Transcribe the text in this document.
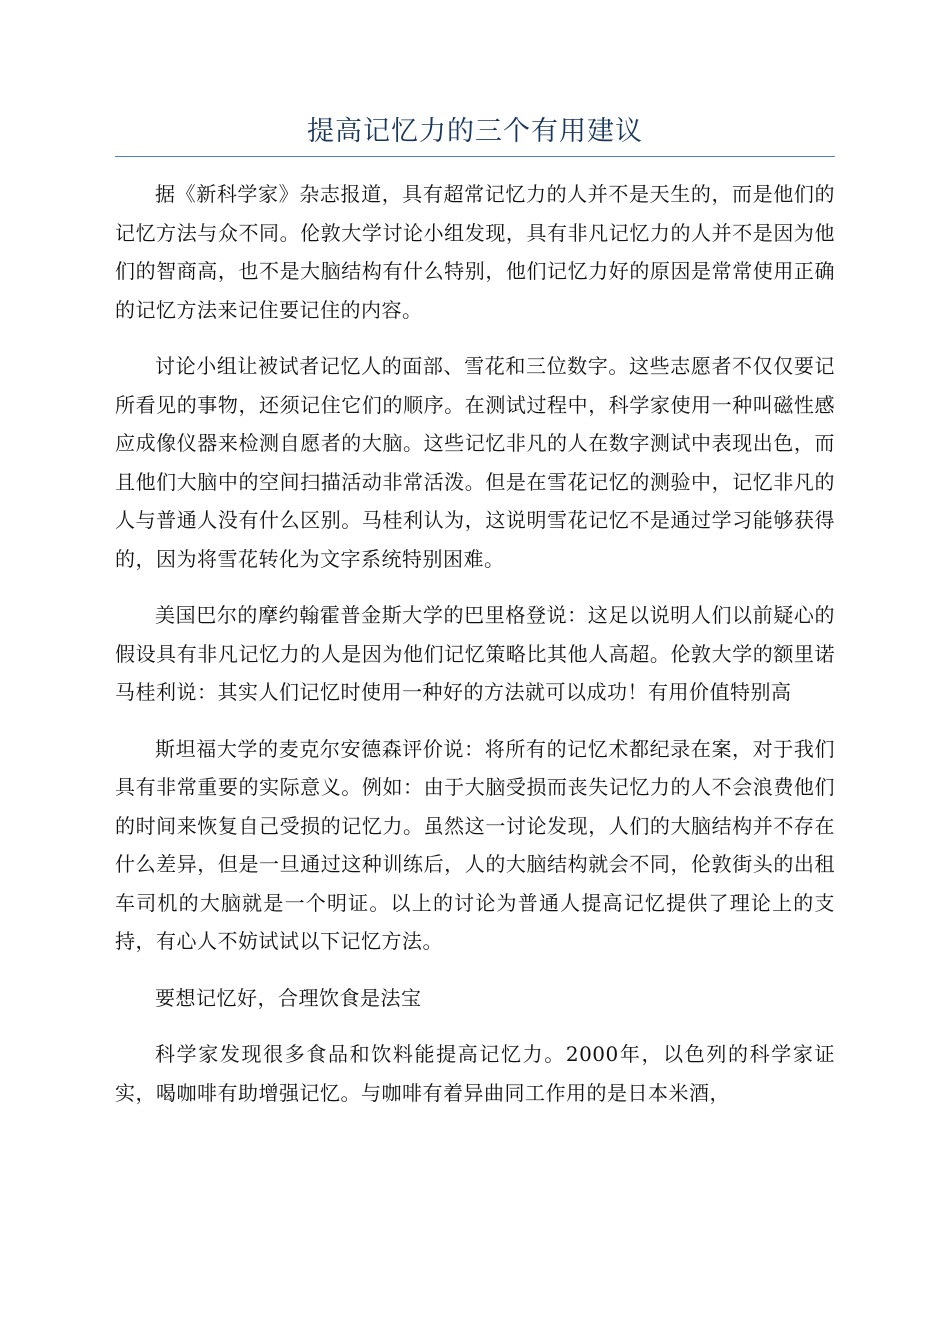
提高记忆力的三个有用建议

据《新科学家》杂志报道，具有超常记忆力的人并不是天生的，而是他们的记忆方法与众不同。伦敦大学讨论小组发现，具有非凡记忆力的人并不是因为他们的智商高，也不是大脑结构有什么特别，他们记忆力好的原因是常常使用正确的记忆方法来记住要记住的内容。

讨论小组让被试者记忆人的面部、雪花和三位数字。这些志愿者不仅仅要记所看见的事物，还须记住它们的顺序。在测试过程中，科学家使用一种叫磁性感应成像仪器来检测自愿者的大脑。这些记忆非凡的人在数字测试中表现出色，而且他们大脑中的空间扫描活动非常活泼。但是在雪花记忆的测验中，记忆非凡的人与普通人没有什么区别。马桂利认为，这说明雪花记忆不是通过学习能够获得的，因为将雪花转化为文字系统特别困难。

美国巴尔的摩约翰霍普金斯大学的巴里格登说：这足以说明人们以前疑心的假设具有非凡记忆力的人是因为他们记忆策略比其他人高超。伦敦大学的额里诺马桂利说：其实人们记忆时使用一种好的方法就可以成功！有用价值特别高

斯坦福大学的麦克尔安德森评价说：将所有的记忆术都纪录在案，对于我们具有非常重要的实际意义。例如：由于大脑受损而丧失记忆力的人不会浪费他们的时间来恢复自己受损的记忆力。虽然这一讨论发现，人们的大脑结构并不存在什么差异，但是一旦通过这种训练后，人的大脑结构就会不同，伦敦街头的出租车司机的大脑就是一个明证。以上的讨论为普通人提高记忆提供了理论上的支持，有心人不妨试试以下记忆方法。

要想记忆好，合理饮食是法宝

科学家发现很多食品和饮料能提高记忆力。2000年，以色列的科学家证实，喝咖啡有助增强记忆。与咖啡有着异曲同工作用的是日本米酒，
